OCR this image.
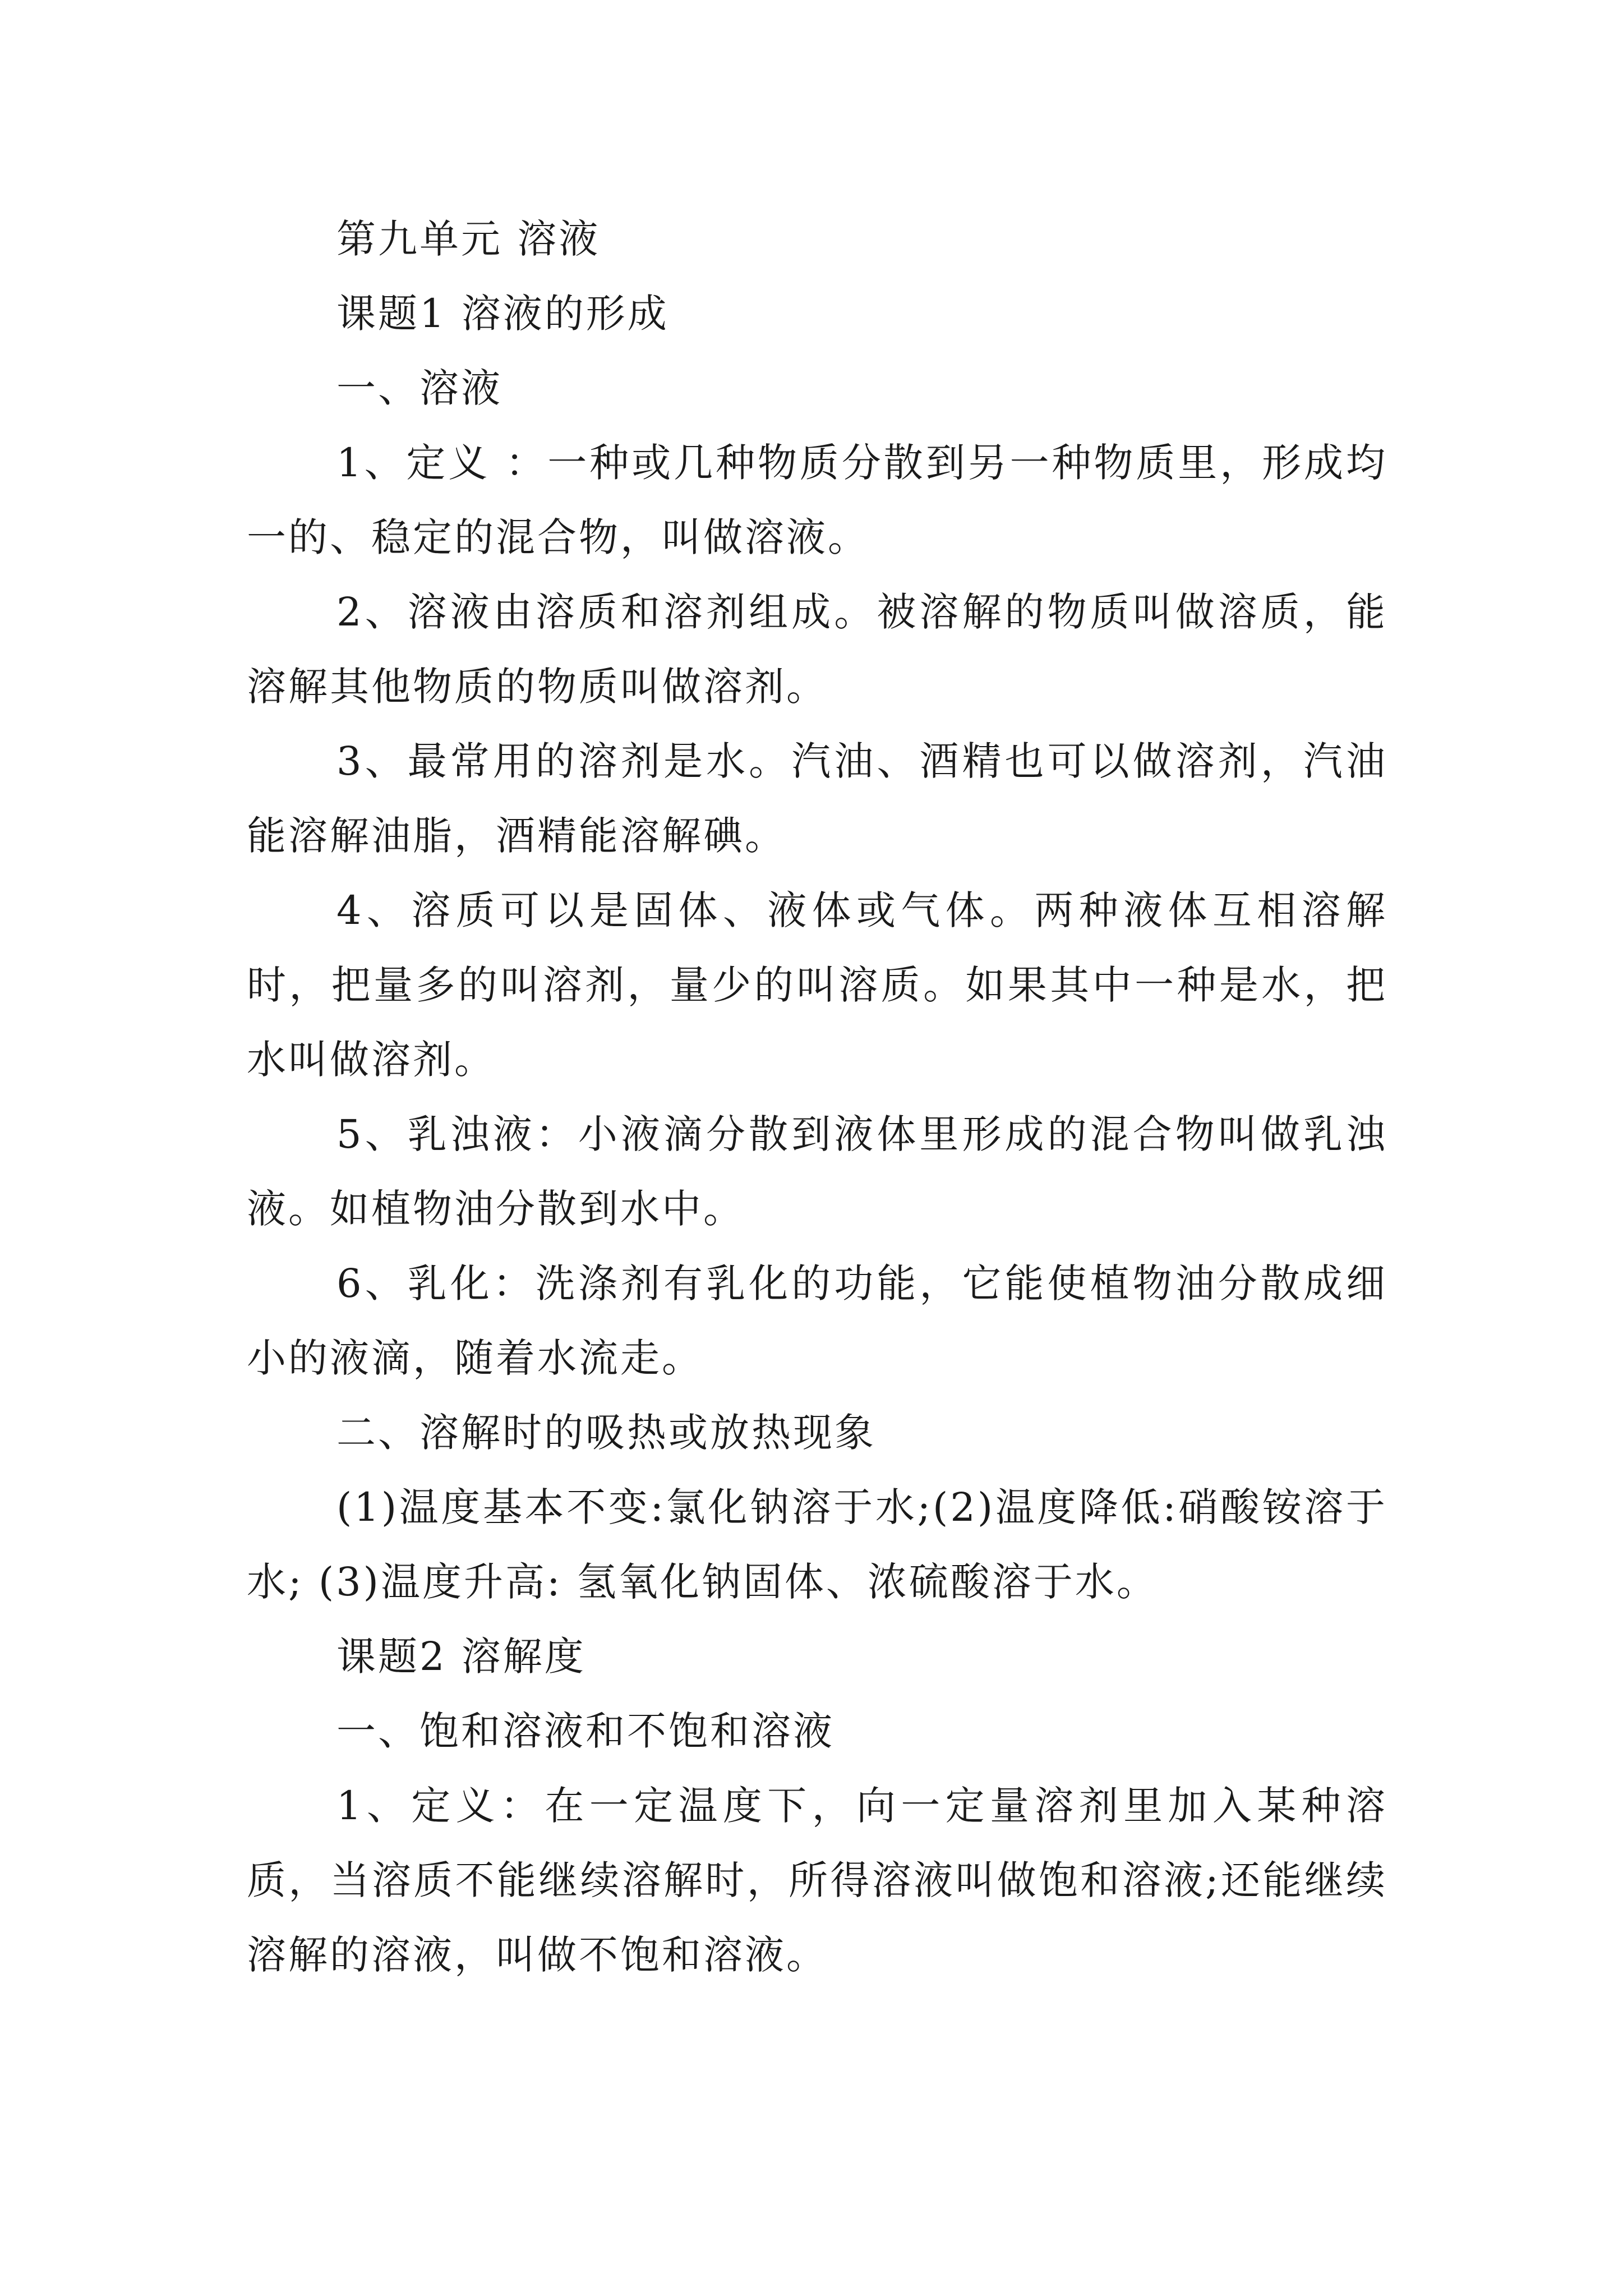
第九单元 溶液

课题1 溶液的形成

一、溶液

1、定义 ：一种或几种物质分散到另一种物质里，形成均一的、稳定的混合物，叫做溶液。

2、溶液由溶质和溶剂组成。被溶解的物质叫做溶质，能溶解其他物质的物质叫做溶剂。

3、最常用的溶剂是水。汽油、酒精也可以做溶剂，汽油能溶解油脂，酒精能溶解碘。

4、溶质可以是固体、液体或气体。两种液体互相溶解时，把量多的叫溶剂，量少的叫溶质。如果其中一种是水，把水叫做溶剂。

5、乳浊液：小液滴分散到液体里形成的混合物叫做乳浊液。如植物油分散到水中。

6、乳化：洗涤剂有乳化的功能，它能使植物油分散成细小的液滴，随着水流走。

二、溶解时的吸热或放热现象

(1)温度基本不变:氯化钠溶于水;(2)温度降低:硝酸铵溶于水; (3)温度升高: 氢氧化钠固体、浓硫酸溶于水。

课题2 溶解度

一、饱和溶液和不饱和溶液

1、定义：在一定温度下，向一定量溶剂里加入某种溶质，当溶质不能继续溶解时，所得溶液叫做饱和溶液;还能继续溶解的溶液，叫做不饱和溶液。
